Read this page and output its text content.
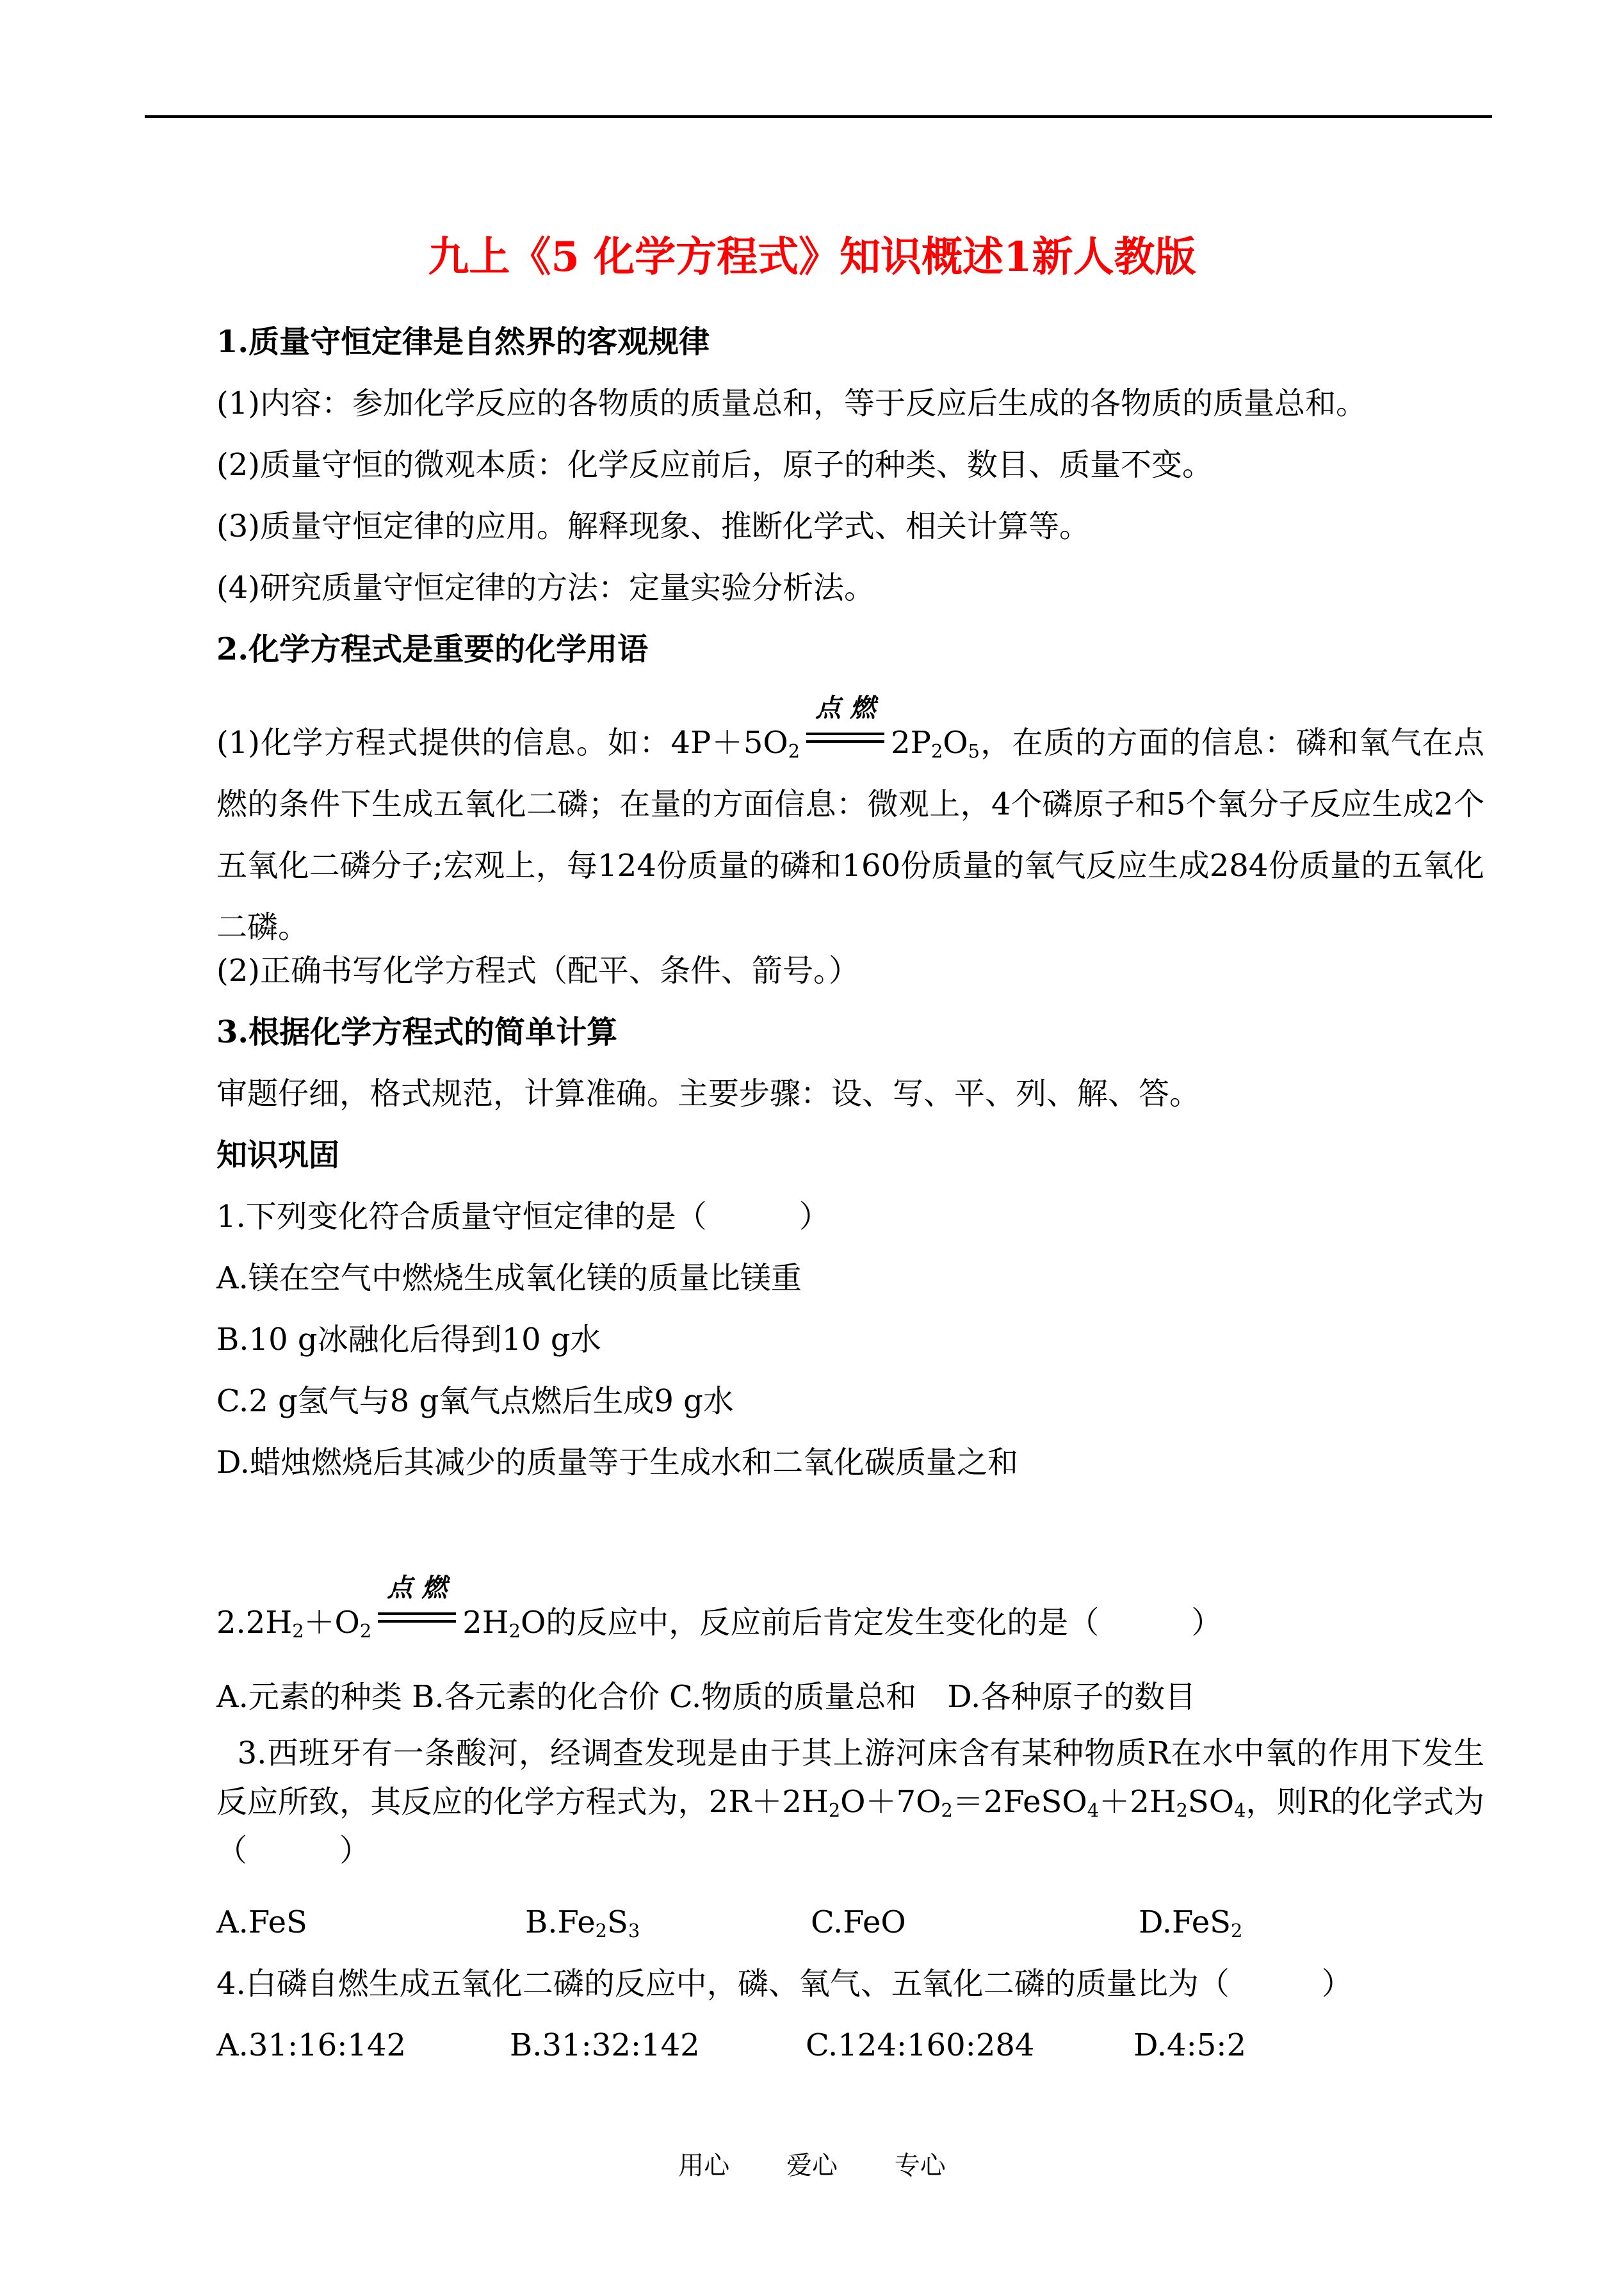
九上《5 化学方程式》知识概述1新人教版
1.质量守恒定律是自然界的客观规律
(1)内容：参加化学反应的各物质的质量总和，等于反应后生成的各物质的质量总和。
(2)质量守恒的微观本质：化学反应前后，原子的种类、数目、质量不变。
(3)质量守恒定律的应用。解释现象、推断化学式、相关计算等。
(4)研究质量守恒定律的方法：定量实验分析法。
2.化学方程式是重要的化学用语
(1)化学方程式提供的信息。如：$4P+5O_2$
点 燃
$2P_2O_5$，在质的方面的信息：磷和氧气在点燃的条件下生成五氧化二磷；在量的方面信息：微观上，4个磷原子和5个氧分子反应生成2个五氧化二磷分子;宏观上，每124份质量的磷和160份质量的氧气反应生成284份质量的五氧化二磷。
(2)正确书写化学方程式（配平、条件、箭号。）
3.根据化学方程式的简单计算
审题仔细，格式规范，计算准确。主要步骤：设、写、平、列、解、答。
知识巩固
1.下列变化符合质量守恒定律的是（　　　）
A.镁在空气中燃烧生成氧化镁的质量比镁重
B.10 g冰融化后得到10 g水
C.2 g氢气与8 g氧气点燃后生成9 g水
D.蜡烛燃烧后其减少的质量等于生成水和二氧化碳质量之和
$2.2H_2+O_2$
点 燃
$2H_2O$的反应中，反应前后肯定发生变化的是（　　　）
A.元素的种类 B.各元素的化合价 C.物质的质量总和　D.各种原子的数目
3.西班牙有一条酸河，经调查发现是由于其上游河床含有某种物质R在水中氧的作用下发生反应所致，其反应的化学方程式为，$2R+2H_2O+7O_2=2FeSO_4+2H_2SO_4$，则R的化学式为（　　　）
A.FeS	$B.Fe_2S_3$	C.FeO	D.FeS$_2$
4.白磷自燃生成五氧化二磷的反应中，磷、氧气、五氧化二磷的质量比为（　　　）
A.31:16:142	B.31:32:142	C.124:160:284	D.4:5:2
用心 爱心 专心
